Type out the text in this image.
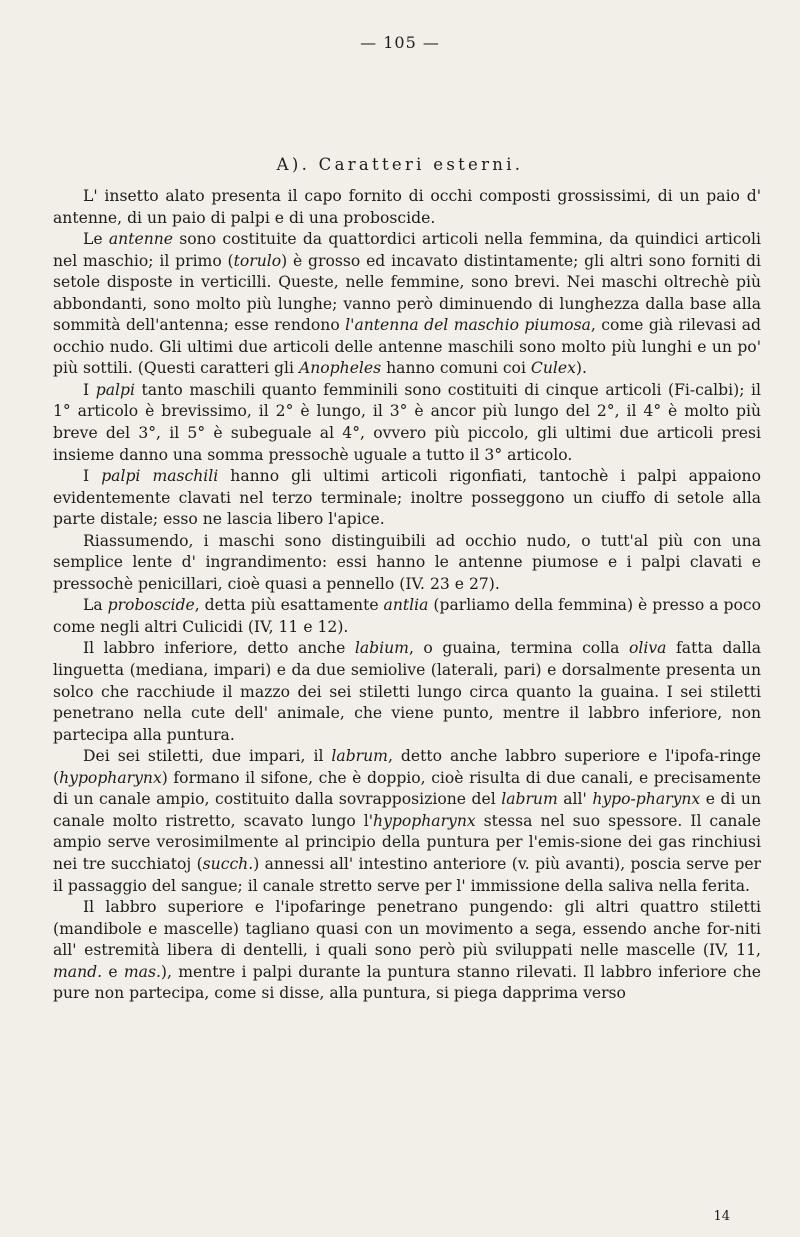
— 105 —
A). Caratteri esterni.

L' insetto alato presenta il capo fornito di occhi composti grossissimi, di un paio d' antenne, di un paio di palpi e di una proboscide.

Le antenne sono costituite da quattordici articoli nella femmina, da quindici articoli nel maschio; il primo (torulo) è grosso ed incavato distintamente; gli altri sono forniti di setole disposte in verticilli. Queste, nelle femmine, sono brevi. Nei maschi oltrechè più abbondanti, sono molto più lunghe; vanno però diminuendo di lunghezza dalla base alla sommità dell'antenna; esse rendono l'antenna del maschio piumosa, come già rilevasi ad occhio nudo. Gli ultimi due articoli delle antenne maschili sono molto più lunghi e un po' più sottili. (Questi caratteri gli Anopheles hanno comuni coi Culex).

I palpi tanto maschili quanto femminili sono costituiti di cinque articoli (Fi-calbi); il 1° articolo è brevissimo, il 2° è lungo, il 3° è ancor più lungo del 2°, il 4° è molto più breve del 3°, il 5° è subeguale al 4°, ovvero più piccolo, gli ultimi due articoli presi insieme danno una somma pressochè uguale a tutto il 3° articolo.

I palpi maschili hanno gli ultimi articoli rigonfiati, tantochè i palpi appaiono evidentemente clavati nel terzo terminale; inoltre posseggono un ciuffo di setole alla parte distale; esso ne lascia libero l'apice.

Riassumendo, i maschi sono distinguibili ad occhio nudo, o tutt'al più con una semplice lente d' ingrandimento: essi hanno le antenne piumose e i palpi clavati e pressochè penicillari, cioè quasi a pennello (IV. 23 e 27).

La proboscide, detta più esattamente antlia (parliamo della femmina) è presso a poco come negli altri Culicidi (IV, 11 e 12).

Il labbro inferiore, detto anche labium, o guaina, termina colla oliva fatta dalla linguetta (mediana, impari) e da due semiolive (laterali, pari) e dorsalmente presenta un solco che racchiude il mazzo dei sei stiletti lungo circa quanto la guaina. I sei stiletti penetrano nella cute dell' animale, che viene punto, mentre il labbro inferiore, non partecipa alla puntura.

Dei sei stiletti, due impari, il labrum, detto anche labbro superiore e l'ipofa-ringe (hypopharynx) formano il sifone, che è doppio, cioè risulta di due canali, e precisamente di un canale ampio, costituito dalla sovrapposizione del labrum all' hypo-pharynx e di un canale molto ristretto, scavato lungo l'hypopharynx stessa nel suo spessore. Il canale ampio serve verosimilmente al principio della puntura per l'emis-sione dei gas rinchiusi nei tre succhiatoj (succh.) annessi all' intestino anteriore (v. più avanti), poscia serve per il passaggio del sangue; il canale stretto serve per l' immissione della saliva nella ferita.

Il labbro superiore e l'ipofaringe penetrano pungendo: gli altri quattro stiletti (mandibole e mascelle) tagliano quasi con un movimento a sega, essendo anche for-niti all' estremità libera di dentelli, i quali sono però più sviluppati nelle mascelle (IV, 11, mand. e mas.), mentre i palpi durante la puntura stanno rilevati. Il labbro inferiore che pure non partecipa, come si disse, alla puntura, si piega dapprima verso

14
